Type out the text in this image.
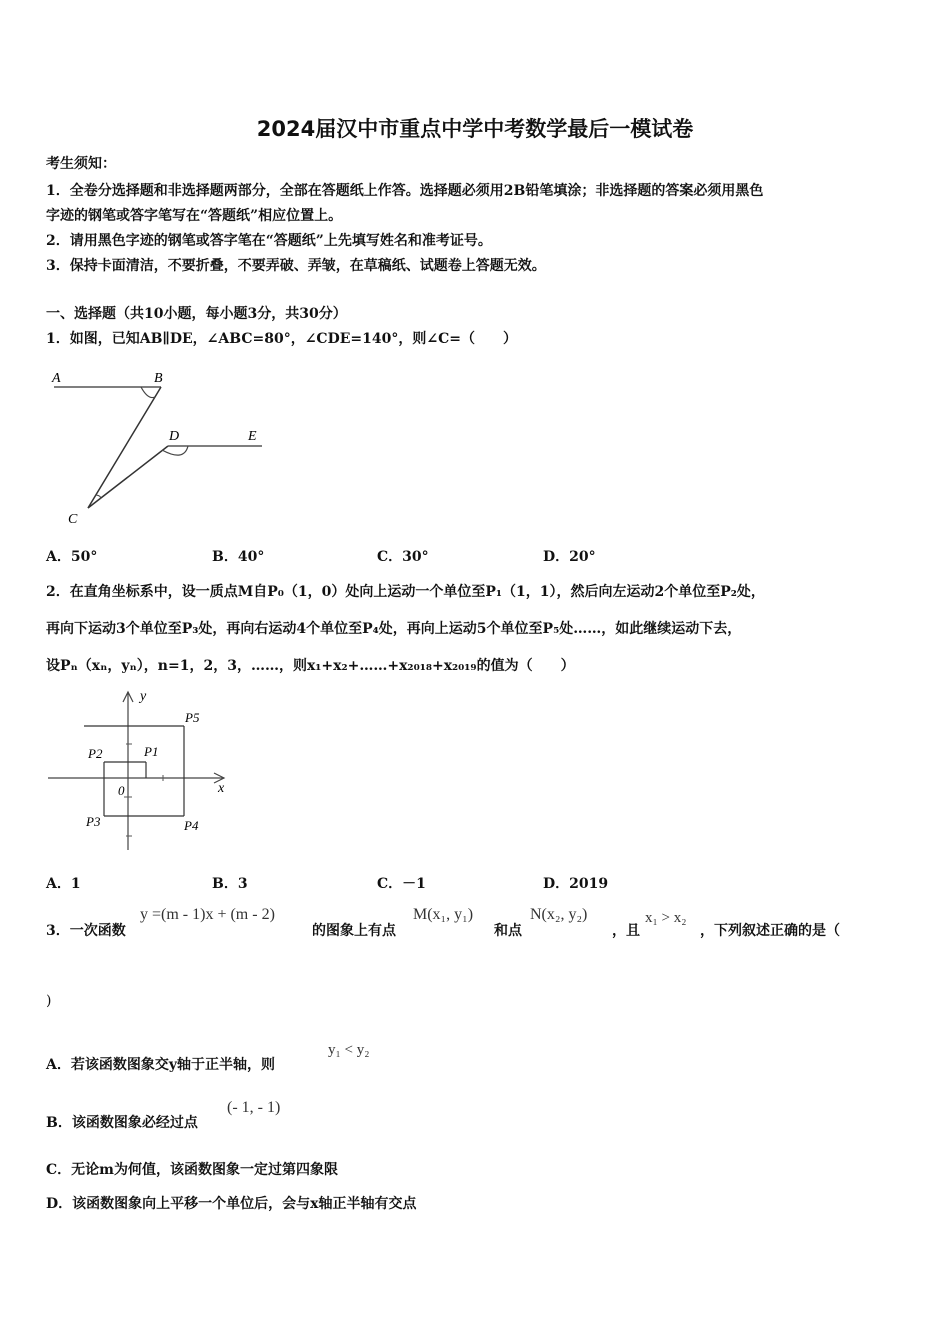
2024届汉中市重点中学中考数学最后一模试卷
考生须知：
1．全卷分选择题和非选择题两部分，全部在答题纸上作答。选择题必须用2B铅笔填涂；非选择题的答案必须用黑色
字迹的钢笔或答字笔写在“答题纸”相应位置上。
2．请用黑色字迹的钢笔或答字笔在“答题纸”上先填写姓名和准考证号。
3．保持卡面清洁，不要折叠，不要弄破、弄皱，在草稿纸、试题卷上答题无效。
一、选择题（共10小题，每小题3分，共30分）
1．如图，已知AB∥DE，∠ABC=80°，∠CDE=140°，则∠C=（　　）
A	B
C
D	E
A．50°	B．40°	C．30°	D．20°
2．在直角坐标系中，设一质点M自P₀（1，0）处向上运动一个单位至P₁（1，1），然后向左运动2个单位至P₂处，
再向下运动3个单位至P₃处，再向右运动4个单位至P₄处，再向上运动5个单位至P₅处……，如此继续运动下去，
设Pₙ（xₙ，yₙ），n=1，2，3，……，则x₁+x₂+……+x₂₀₁₈+x₂₀₁₉的值为（　　）
y
x
0
P5
P2	P1
P3	P4
A．1	B．3	C．－1	D．2019
3．一次函数
y =(m - 1)x + (m - 2)
的图象上有点
M(x₁, y₁)
和点
N(x₂, y₂)
，且
x₁ > x₂
，下列叙述正确的是（
)
A．若该函数图象交y轴于正半轴，则
y₁ < y₂
B．该函数图象必经过点
(- 1, - 1)
C．无论m为何值，该函数图象一定过第四象限
D．该函数图象向上平移一个单位后，会与x轴正半轴有交点
